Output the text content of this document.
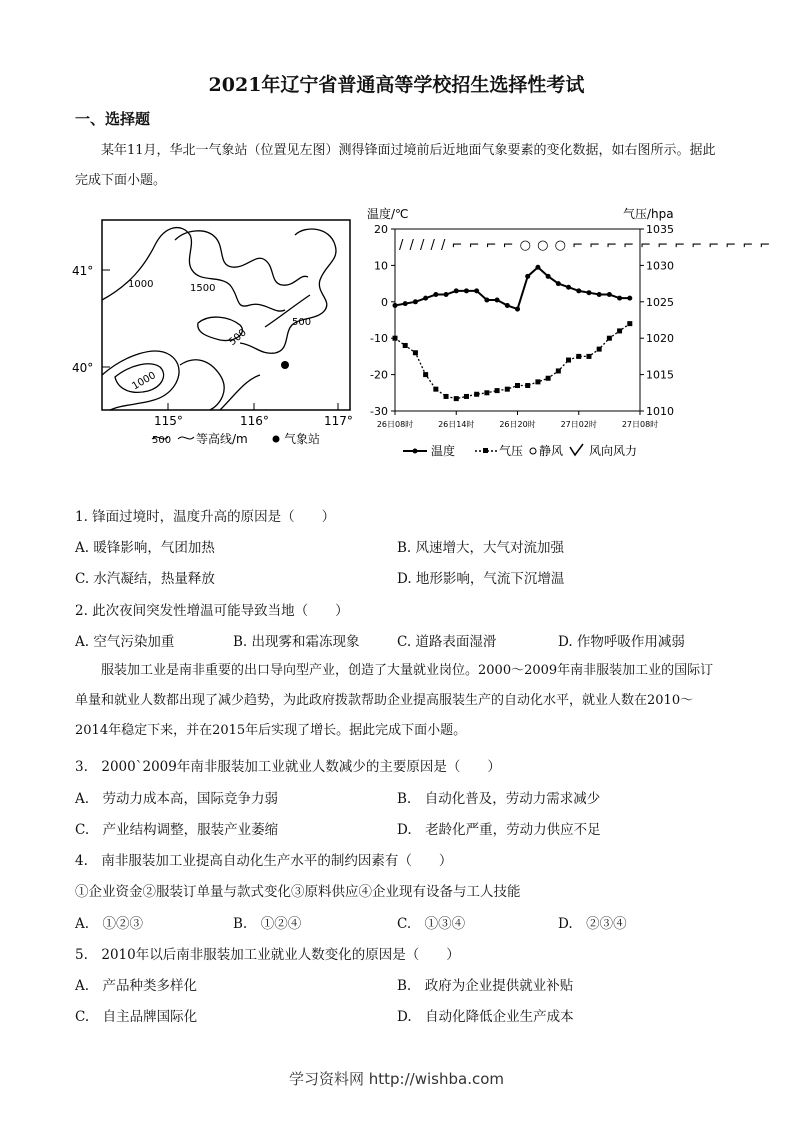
2021年辽宁省普通高等学校招生选择性考试
一、选择题
某年11月，华北一气象站（位置见左图）测得锋面过境前后近地面气象要素的变化数据，如右图所示。据此完成下面小题。
1000	1500
500
500
1000
41°
40°
115°	116°	117°
500 等高线/m	气象站
温度/℃	气压/hpa
20
10
0
-10
-20
-30
1035
1030
1025
1020
1015
1010
26日08时	26日14时	26日20时	27日02时	27日08时
/ / / / / ⌐ ⌐ ⌐ ⌐ ○ ○ ○ ⌐ ⌐ ⌐ ⌐ ⌐ ⌐ ⌐ ⌐ ⌐ ⌐ ⌐ ⌐
温度	气压 静风 风向风力
1. 锋面过境时，温度升高的原因是（　　）
A. 暖锋影响，气团加热	B. 风速增大，大气对流加强
C. 水汽凝结，热量释放	D. 地形影响，气流下沉增温
2. 此次夜间突发性增温可能导致当地（　　）
A. 空气污染加重	B. 出现雾和霜冻现象	C. 道路表面湿滑	D. 作物呼吸作用减弱
服装加工业是南非重要的出口导向型产业，创造了大量就业岗位。2000～2009年南非服装加工业的国际订单量和就业人数都出现了减少趋势，为此政府拨款帮助企业提高服装生产的自动化水平，就业人数在2010～2014年稳定下来，并在2015年后实现了增长。据此完成下面小题。
3.　2000`2009年南非服装加工业就业人数减少的主要原因是（　　）
A.　劳动力成本高，国际竞争力弱	B.　自动化普及，劳动力需求减少
C.　产业结构调整，服装产业萎缩	D.　老龄化严重，劳动力供应不足
4.　南非服装加工业提高自动化生产水平的制约因素有（　　）
①企业资金②服装订单量与款式变化③原料供应④企业现有设备与工人技能
A.　①②③	B.　①②④	C.　①③④	D.　②③④
5.　2010年以后南非服装加工业就业人数变化的原因是（　　）
A.　产品种类多样化	B.　政府为企业提供就业补贴
C.　自主品牌国际化	D.　自动化降低企业生产成本
学习资料网 http://wishba.com
